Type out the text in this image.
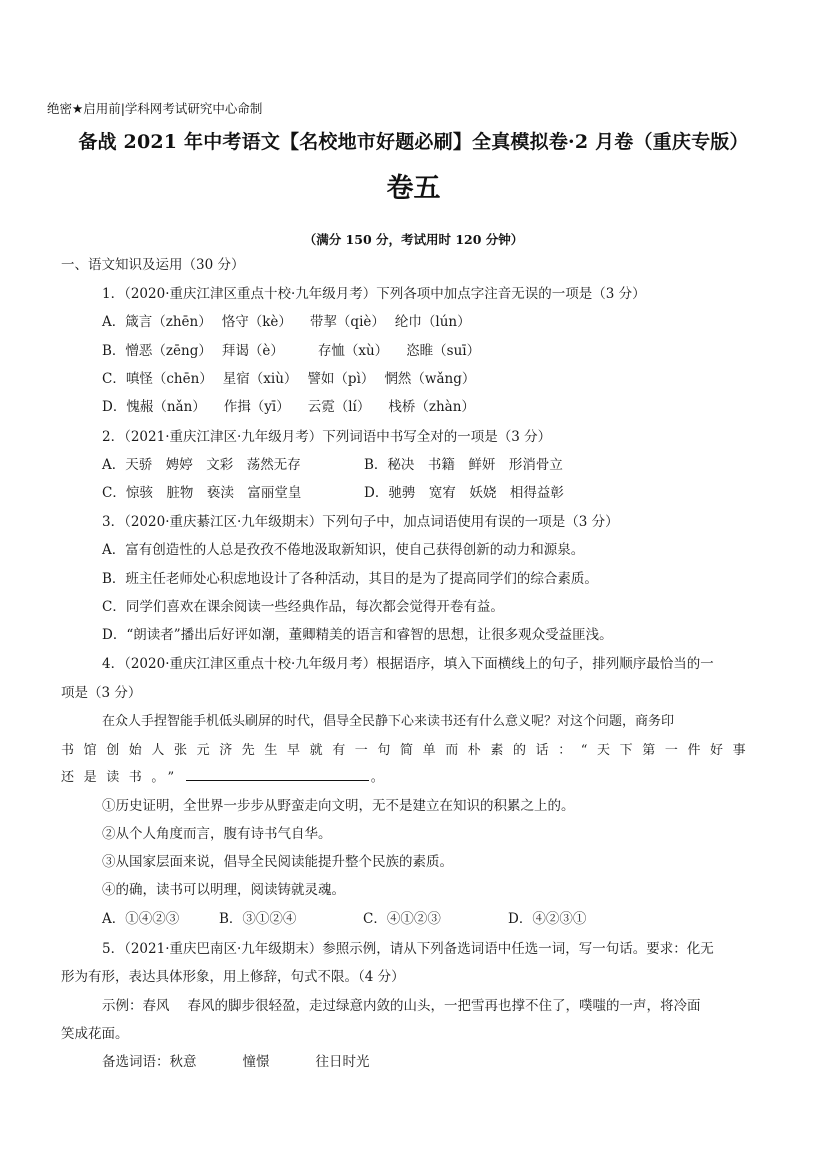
绝密★启用前|学科网考试研究中心命制
备战 2021 年中考语文【名校地市好题必刷】全真模拟卷·2 月卷（重庆专版）
卷五
（满分 150 分，考试用时 120 分钟）
一、语文知识及运用（30 分）
1．（2020·重庆江津区重点十校·九年级月考）下列各项中加点字注音无误的一项是（3 分）
A．箴言（zhēn） 恪守（kè） 带挈（qiè） 纶巾（lún）
B．憎恶（zēng） 拜谒（è）	存恤（xù） 恣睢（suī）
C．嗔怪（chēn） 星宿（xiù） 譬如（pì） 惘然（wǎng）
D．愧赧（nǎn） 作揖（yī） 云霓（lí） 栈桥（zhàn）
2．（2021·重庆江津区·九年级月考）下列词语中书写全对的一项是（3 分）
A．天骄　娉婷　文彩　荡然无存	B．秘决　书籍　鲜妍　形消骨立
C．惊骇　脏物　亵渎　富丽堂皇	D．驰骋　宽宥　妖娆　相得益彰
3．（2020·重庆綦江区·九年级期末）下列句子中，加点词语使用有误的一项是（3 分）
A．富有创造性的人总是孜孜不倦地汲取新知识，使自己获得创新的动力和源泉。
B．班主任老师处心积虑地设计了各种活动，其目的是为了提高同学们的综合素质。
C．同学们喜欢在课余阅读一些经典作品，每次都会觉得开卷有益。
D．“朗读者”播出后好评如潮，董卿精美的语言和睿智的思想，让很多观众受益匪浅。
4．（2020·重庆江津区重点十校·九年级月考）根据语序，填入下面横线上的句子，排列顺序最恰当的一
项是（3 分）
在众人手捏智能手机低头刷屏的时代，倡导全民静下心来读书还有什么意义呢？对这个问题，商务印
书馆创始人张元济先生早就有一句简单而朴素的话：“天下第一件好事
还是读书。”	。
①历史证明，全世界一步步从野蛮走向文明，无不是建立在知识的积累之上的。
②从个人角度而言，腹有诗书气自华。
③从国家层面来说，倡导全民阅读能提升整个民族的素质。
④的确，读书可以明理，阅读铸就灵魂。
A．①④②③	B．③①②④	C．④①②③	D．④②③①
5．（2021·重庆巴南区·九年级期末）参照示例，请从下列备选词语中任选一词，写一句话。要求：化无
形为有形，表达具体形象，用上修辞，句式不限。（4 分）
示例：春风 春风的脚步很轻盈，走过绿意内敛的山头，一把雪再也撑不住了，噗嗤的一声，将冷面
笑成花面。
备选词语：秋意	憧憬	往日时光
